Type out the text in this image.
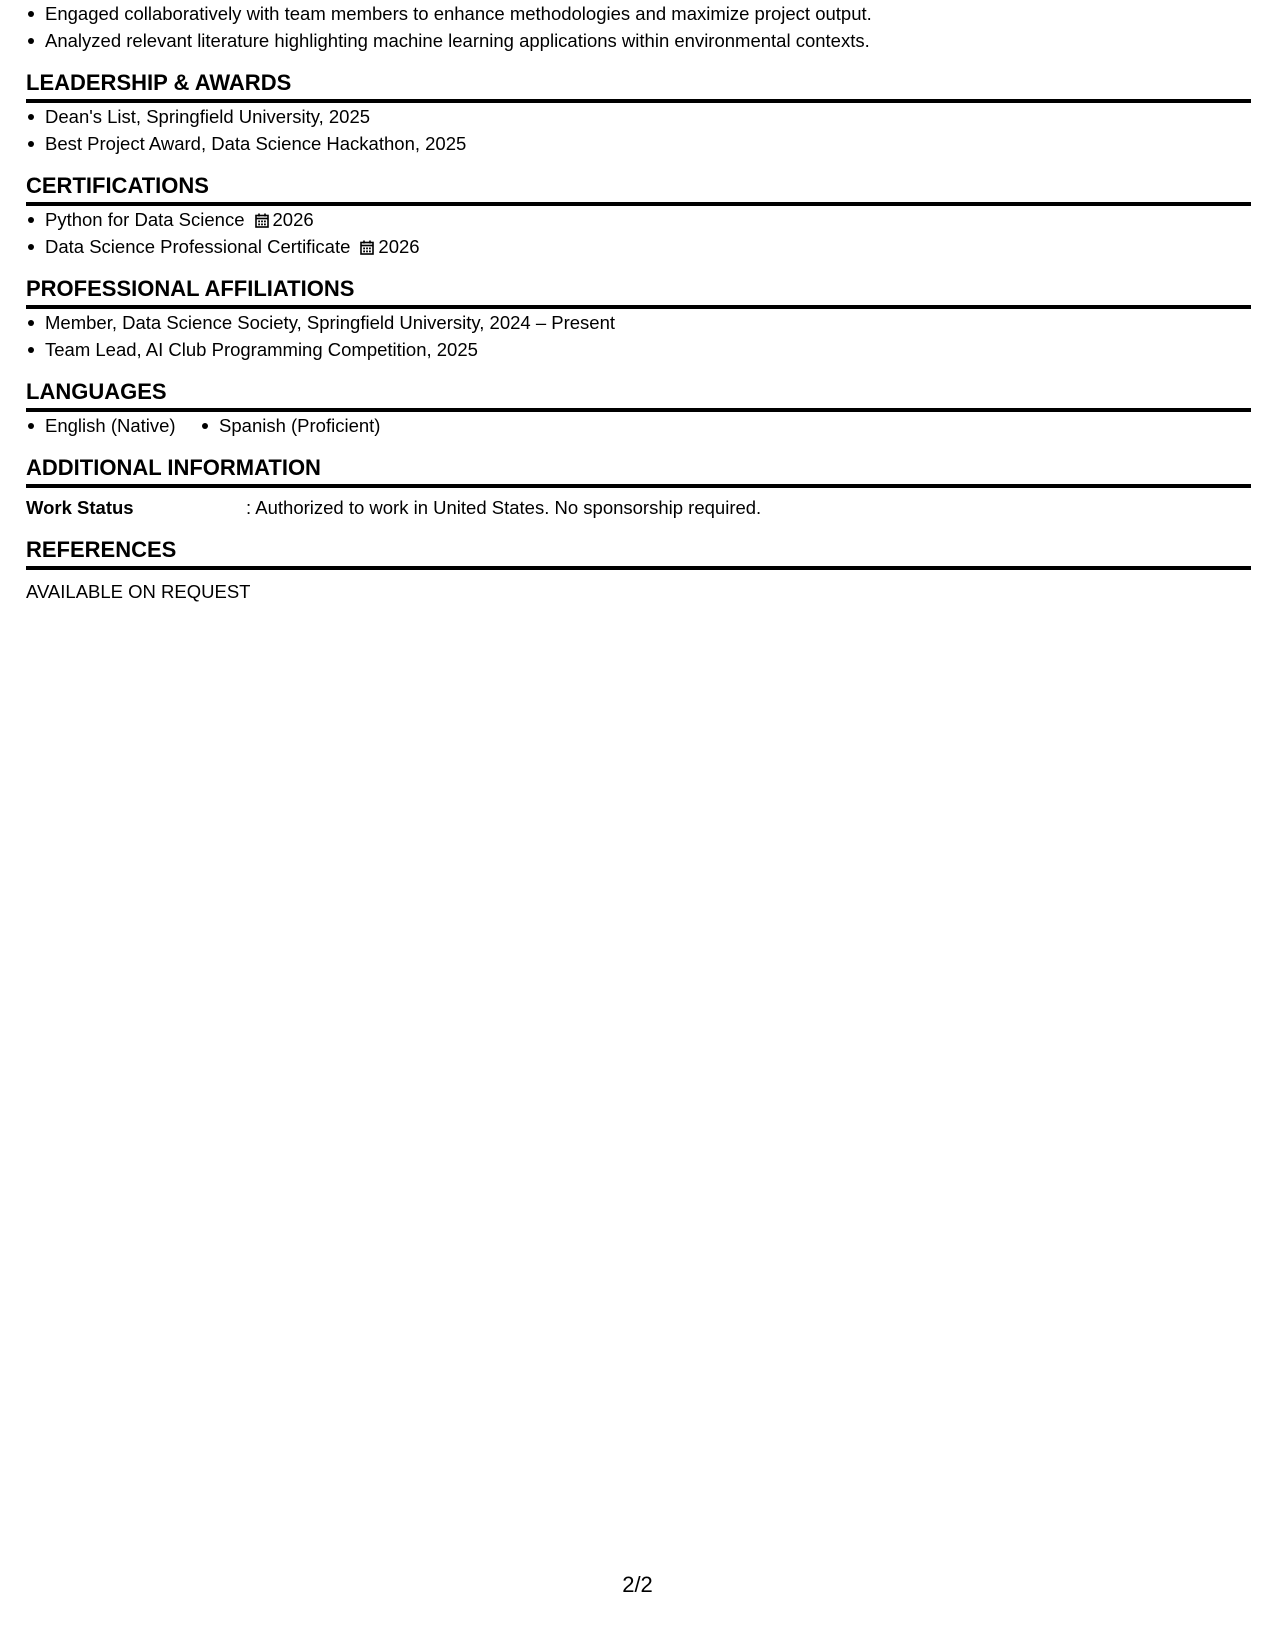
Engaged collaboratively with team members to enhance methodologies and maximize project output.
Analyzed relevant literature highlighting machine learning applications within environmental contexts.
LEADERSHIP & AWARDS
Dean's List, Springfield University, 2025
Best Project Award, Data Science Hackathon, 2025
CERTIFICATIONS
Python for Data Science 2026
Data Science Professional Certificate 2026
PROFESSIONAL AFFILIATIONS
Member, Data Science Society, Springfield University, 2024 – Present
Team Lead, AI Club Programming Competition, 2025
LANGUAGES
English (Native) Spanish (Proficient)
ADDITIONAL INFORMATION
Work Status	: Authorized to work in United States. No sponsorship required.
REFERENCES
AVAILABLE ON REQUEST
2/2
